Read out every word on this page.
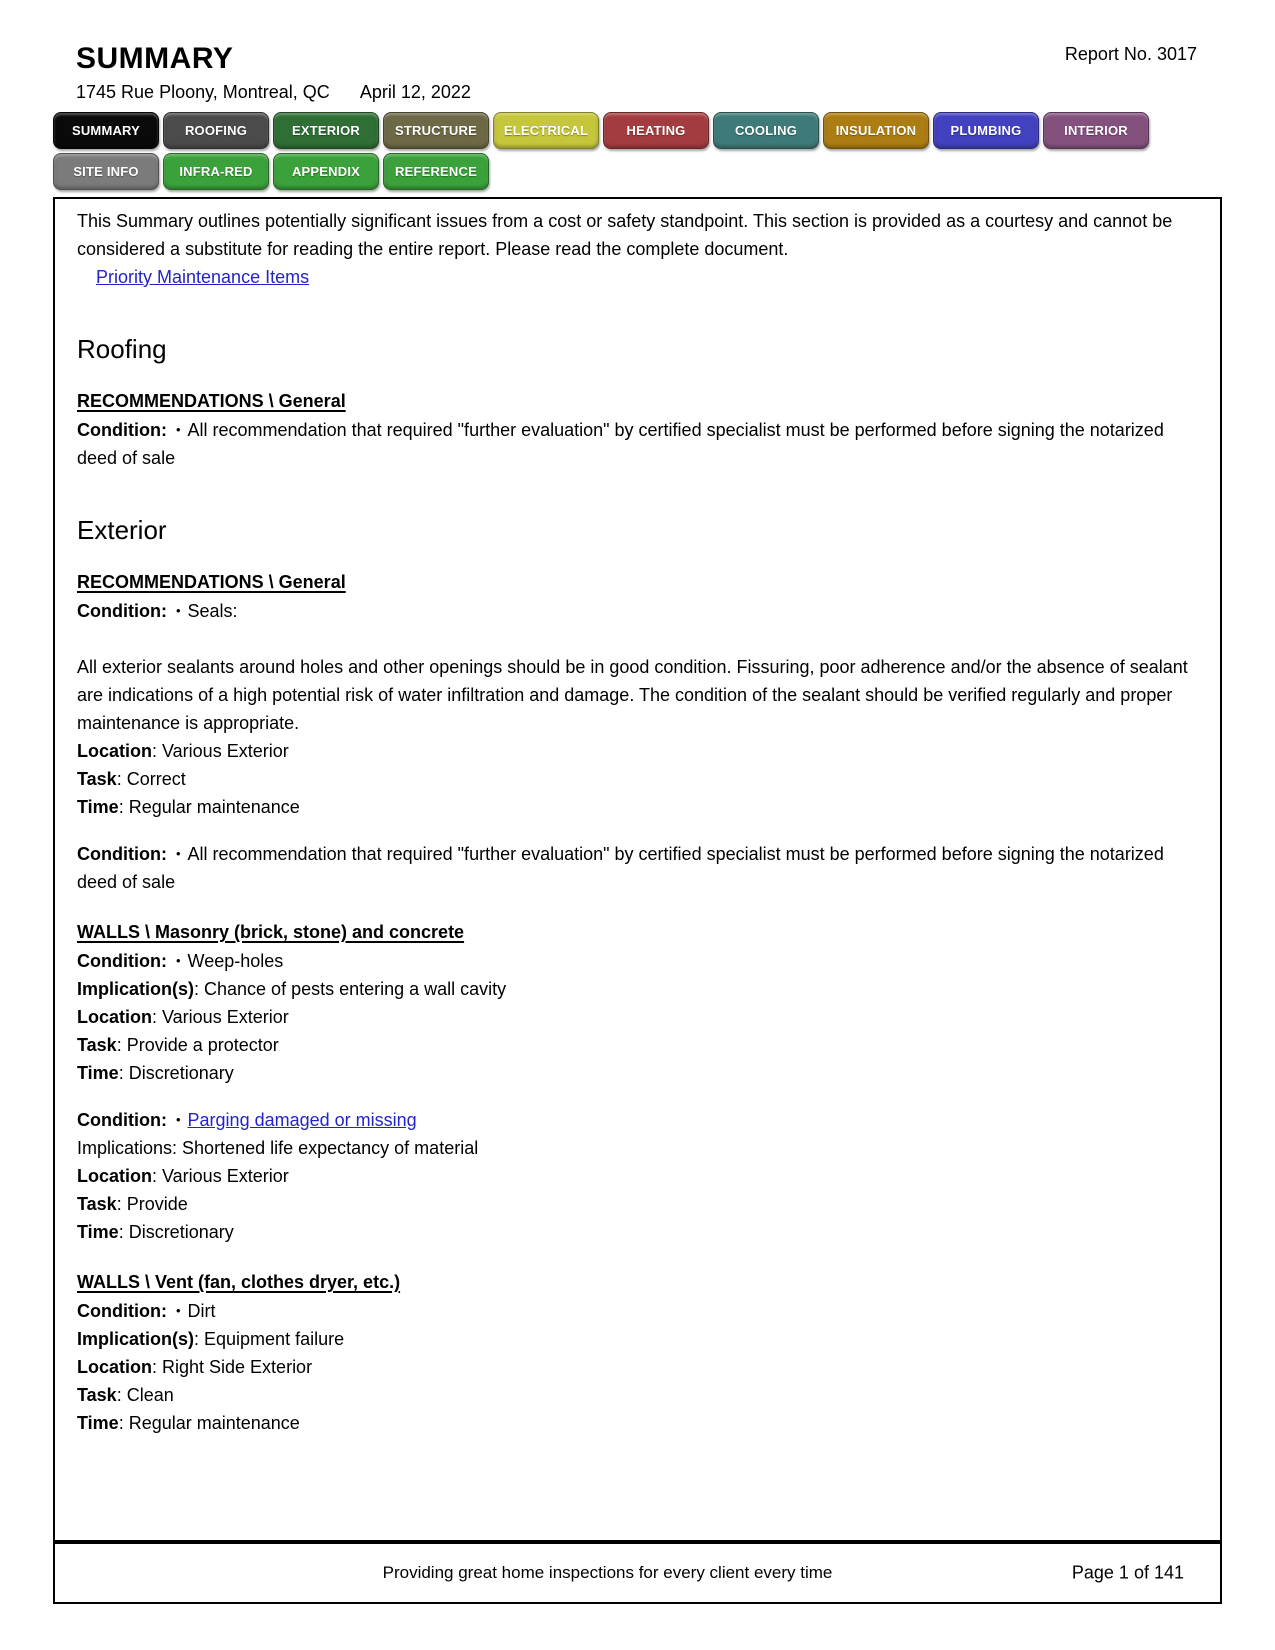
Report No. 3017
SUMMARY
1745 Rue Ploony, Montreal, QC April 12, 2022
SUMMARY	ROOFING	EXTERIOR	STRUCTURE	ELECTRICAL	HEATING	COOLING	INSULATION	PLUMBING	INTERIOR
SITE INFO	INFRA-RED	APPENDIX	REFERENCE

This Summary outlines potentially significant issues from a cost or safety standpoint. This section is provided as a courtesy and cannot be considered a substitute for reading the entire report. Please read the complete document.

Priority Maintenance Items

Roofing
RECOMMENDATIONS \ General

Condition: • All recommendation that required "further evaluation" by certified specialist must be performed before signing the notarized deed of sale

Exterior
RECOMMENDATIONS \ General

Condition: • Seals:

All exterior sealants around holes and other openings should be in good condition. Fissuring, poor adherence and/or the absence of sealant are indications of a high potential risk of water infiltration and damage. The condition of the sealant should be verified regularly and proper maintenance is appropriate.

Location: Various Exterior

Task: Correct

Time: Regular maintenance

Condition: • All recommendation that required "further evaluation" by certified specialist must be performed before signing the notarized deed of sale

WALLS \ Masonry (brick, stone) and concrete

Condition: • Weep-holes

Implication(s): Chance of pests entering a wall cavity

Location: Various Exterior

Task: Provide a protector

Time: Discretionary

Condition: • Parging damaged or missing

Implications: Shortened life expectancy of material

Location: Various Exterior

Task: Provide

Time: Discretionary

WALLS \ Vent (fan, clothes dryer, etc.)

Condition: • Dirt

Implication(s): Equipment failure

Location: Right Side Exterior

Task: Clean

Time: Regular maintenance

Providing great home inspections for every client every time	Page 1 of 141
